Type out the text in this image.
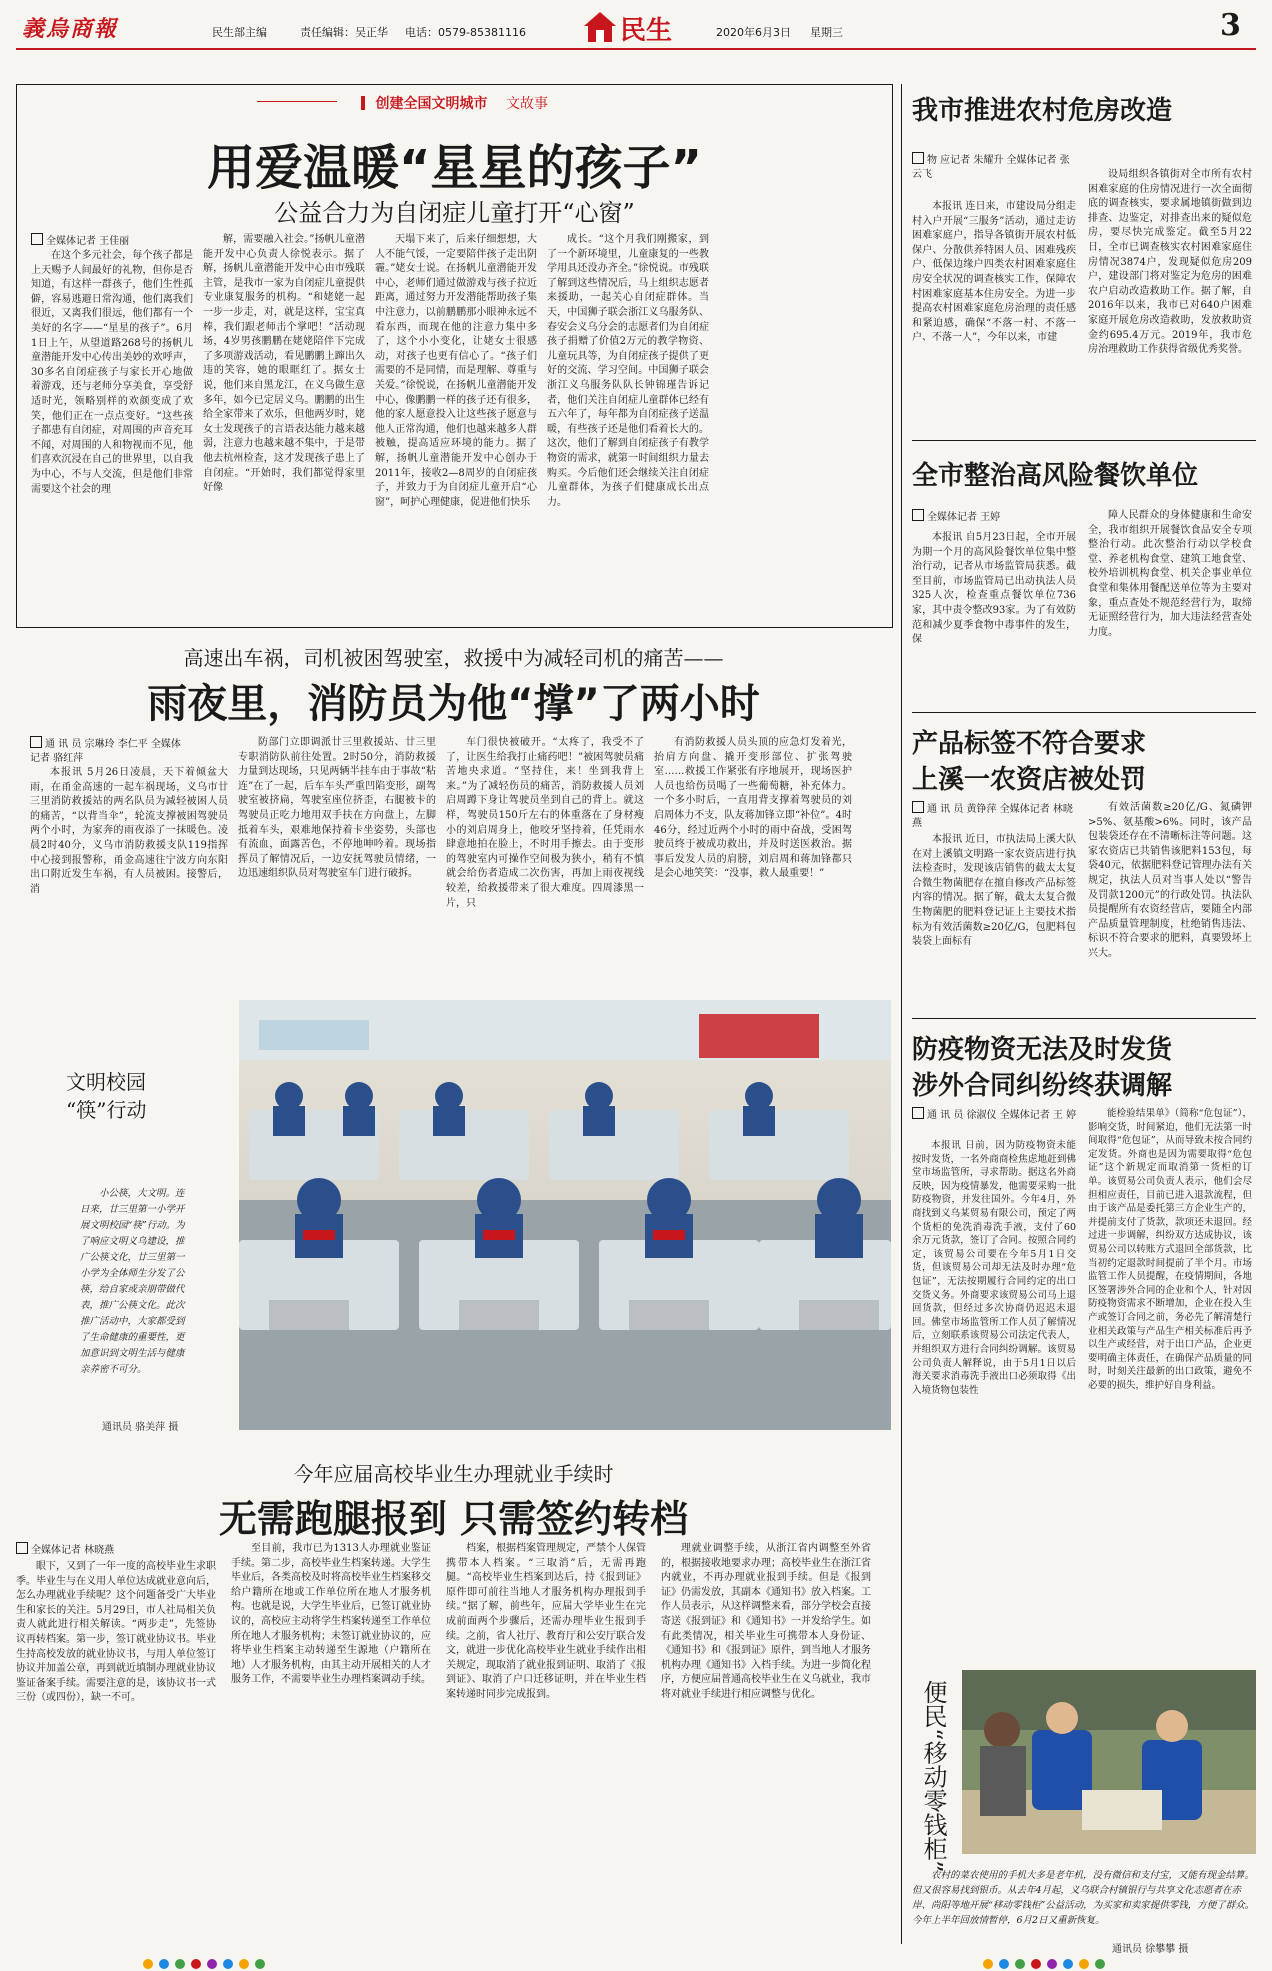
義烏商報	民生部主编	责任编辑：吴正华 电话：0579-85381116	民生	2020年6月3日 星期三	3
创建全国文明城市 文故事
用爱温暖“星星的孩子”
公益合力为自闭症儿童打开“心窗”
全媒体记者 王佳丽

在这个多元社会，每个孩子都是上天赐予人间最好的礼物，但你是否知道，有这样一群孩子，他们生性孤僻，容易逃避日常沟通，他们离我们很近，又离我们很远，他们都有一个美好的名字——“星星的孩子”。6月1日上午，从望道路268号的扬帆儿童潜能开发中心传出美妙的欢呼声，30多名自闭症孩子与家长开心地做着游戏，还与老师分享美食，享受舒适时光，领略别样的欢颜变成了欢笑，他们正在一点点变好。“这些孩子都患有自闭症，对周围的声音充耳不闻，对周围的人和物视而不见，他们喜欢沉浸在自己的世界里，以自我为中心，不与人交流，但是他们非常需要这个社会的理

解，需要融入社会。”扬帆儿童潜能开发中心负责人徐悦表示。据了解，扬帆儿童潜能开发中心由市残联主管，是我市一家为自闭症儿童提供专业康复服务的机构。“和姥姥一起一步一步走，对，就是这样，宝宝真棒，我们跟老师击个掌吧！”活动现场，4岁男孩鹏鹏在姥姥陪伴下完成了多项游戏活动，看见鹏鹏上蹿出久违的笑容，她的眼眶红了。据女士说，他们来自黑龙江，在义乌做生意多年，如今已定居义乌。鹏鹏的出生给全家带来了欢乐，但他两岁时，姥女士发现孩子的言语表达能力越来越弱，注意力也越来越不集中，于是带他去杭州检查，这才发现孩子患上了自闭症。“开始时，我们都觉得家里好像

天塌下来了，后来仔细想想，大人不能气馁，一定要陪伴孩子走出阴霾。”姥女士说。在扬帆儿童潜能开发中心，老师们通过做游戏与孩子拉近距离，通过努力开发潜能帮助孩子集中注意力，以前鹏鹏那小眼神永远不看东西，而现在他的注意力集中多了，这个小小变化，让姥女士很感动，对孩子也更有信心了。“孩子们需要的不是同情，而是理解、尊重与关爱。”徐悦说，在扬帆儿童潜能开发中心，像鹏鹏一样的孩子还有很多，他的家人愿意投入让这些孩子愿意与他人正常沟通，他们也越来越多人群被触，提高适应环境的能力。据了解，扬帆儿童潜能开发中心创办于2011年，接收2—8周岁的自闭症孩子，并致力于为自闭症儿童开启“心窗”，呵护心理健康，促进他们快乐

成长。“这个月我们刚搬家，到了一个新环境里，儿童康复的一些教学用具还没办齐全。”徐悦说。市残联了解到这些情况后，马上组织志愿者来援助，一起关心自闭症群体。当天，中国狮子联会浙江义乌服务队、春安会义乌分会的志愿者们为自闭症孩子捐赠了价值2万元的教学物资、儿童玩具等，为自闭症孩子提供了更好的交流、学习空间。中国狮子联会浙江义乌服务队队长钟锦瑾告诉记者，他们关注自闭症儿童群体已经有五六年了，每年都为自闭症孩子送温暖，有些孩子还是他们看着长大的。这次，他们了解到自闭症孩子有教学物资的需求，就第一时间组织力量去购买。今后他们还会继续关注自闭症儿童群体，为孩子们健康成长出点力。

高速出车祸，司机被困驾驶室，救援中为减轻司机的痛苦——
雨夜里，消防员为他“撑”了两小时
通 讯 员 宗琳玲 李仁平 全媒体记者 骆红萍

本报讯 5月26日凌晨，天下着倾盆大雨，在甬金高速的一起车祸现场，义乌市廿三里消防救援站的两名队员为减轻被困人员的痛苦，“以背当伞”，轮流支撑被困驾驶员两个小时，为家奔的雨夜添了一抹暖色。凌晨2时40分，义乌市消防救援支队119指挥中心接到报警称，甬金高速往宁波方向东阳出口附近发生车祸，有人员被困。接警后，消

防部门立即调派廿三里救援站、廿三里专职消防队前往处置。2时50分，消防救援力量到达现场，只见两辆半挂车由于事故“粘连”在了一起，后车车头严重凹陷变形，副驾驶室被挤扁，驾驶室座位挤歪，右腿被卡的驾驶员正吃力地用双手扶在方向盘上，左脚抵着车头，艰难地保持着卡坐姿势，头部也有流血，面露苦色，不停地呻吟着。现场指挥员了解情况后，一边安抚驾驶员情绪，一边迅速组织队员对驾驶室车门进行破拆。

车门很快被破开。“太疼了，我受不了了，让医生给我打止痛药吧！”被困驾驶员痛苦地央求道。“坚持住，来！坐到我背上来。”为了减轻伤员的痛苦，消防救援人员刘启周蹲下身让驾驶员坐到自己的背上。就这样，驾驶员150斤左右的体重落在了身材瘦小的刘启周身上，他咬牙坚持着，任凭雨水肆意地拍在脸上，不时用手擦去。由于变形的驾驶室内可操作空间极为狭小，稍有不慎就会给伤者造成二次伤害，再加上雨夜视线较差，给救援带来了很大难度。四周漆黑一片，只

有消防救援人员头顶的应急灯发着光，抬肩方向盘、撬开变形部位、扩张驾驶室……救援工作紧张有序地展开，现场医护人员也给伤员喝了一些葡萄糖，补充体力。一个多小时后，一直用背支撑着驾驶员的刘启周体力不支，队友蒋加锋立即“补位”。4时46分，经过近两个小时的雨中奋战，受困驾驶员终于被成功救出，并及时送医救治。据事后发发人员的肩膀，刘启周和蒋加锋都只是会心地笑笑：“没事，救人最重要！”

文明校园
“筷”行动

小公筷，大文明。连日来，廿三里第一小学开展文明校园“筷”行动。为了响应文明义乌建设，推广公筷文化，廿三里第一小学为全体师生分发了公筷，给自家或亲朋带做代表，推广公筷文化。此次推广活动中，大家都受到了生命健康的重要性，更加意识到文明生活与健康亲养密不可分。

通讯员 骆美萍 摄
今年应届高校毕业生办理就业手续时
无需跑腿报到 只需签约转档
全媒体记者 林晓燕

眼下，又到了一年一度的高校毕业生求职季。毕业生与在义用人单位达成就业意向后，怎么办理就业手续呢？这个问题备受广大毕业生和家长的关注。5月29日，市人社局相关负责人就此进行相关解读。“两步走”，先签协议再转档案。第一步，签订就业协议书。毕业生持高校发放的就业协议书，与用人单位签订协议并加盖公章，再到就近填制办理就业协议鉴证备案手续。需要注意的是，该协议书一式三份（或四份），缺一不可。

至目前，我市已为1313人办理就业鉴证手续。第二步，高校毕业生档案转递。大学生毕业后，各类高校及时将高校毕业生档案移交给户籍所在地或工作单位所在地人才服务机构。也就是说，大学生毕业后，已签订就业协议的，高校应主动将学生档案转递至工作单位所在地人才服务机构；未签订就业协议的，应将毕业生档案主动转递至生源地（户籍所在地）人才服务机构，由其主动开展相关的人才服务工作，不需要毕业生办理档案调动手续。

档案，根据档案管理规定，严禁个人保管携带本人档案。“三取消”后，无需再跑腿。“高校毕业生档案到达后，持《报到证》原件即可前往当地人才服务机构办理报到手续。”据了解，前些年，应届大学毕业生在完成前面两个步骤后，还需办理毕业生报到手续。之前，省人社厅、教育厅和公安厅联合发文，就进一步优化高校毕业生就业手续作出相关规定，现取消了就业报到证明、取消了《报到证》、取消了户口迁移证明，并在毕业生档案转递时同步完成报到。

理就业调整手续，从浙江省内调整至外省的，根据接收地要求办理；高校毕业生在浙江省内就业，不再办理就业报到手续。但是《报到证》仍需发放，其副本《通知书》放入档案。工作人员表示，从这样调整来看，部分学校会直接寄送《报到证》和《通知书》一并发给学生。如有此类情况，相关毕业生可携带本人身份证、《通知书》和《报到证》原件，到当地人才服务机构办理《通知书》入档手续。为进一步简化程序，方便应届普通高校毕业生在义乌就业，我市将对就业手续进行相应调整与优化。

我市推进农村危房改造
物 应记者 朱耀升 全媒体记者 张云飞

本报讯 连日来，市建设局分组走村入户开展“三服务”活动，通过走访困难家庭户，指导各镇街开展农村低保户、分散供养特困人员、困难残疾户、低保边缘户四类农村困难家庭住房安全状况的调查核实工作，保障农村困难家庭基本住房安全。为进一步提高农村困难家庭危房治理的责任感和紧迫感，确保“不落一村、不落一户、不落一人”，今年以来，市建

设局组织各镇街对全市所有农村困难家庭的住房情况进行一次全面彻底的调查核实，要求属地镇街做到边排查、边鉴定，对排查出来的疑似危房，要尽快完成鉴定。截至5月22日，全市已调查核实农村困难家庭住房情况3874户，发现疑似危房209户，建设部门将对鉴定为危房的困难农户启动改造救助工作。据了解，自2016年以来，我市已对640户困难家庭开展危房改造救助，发放救助资金约695.4万元。2019年，我市危房治理救助工作获得省级优秀奖誉。

全市整治高风险餐饮单位
全媒体记者 王婷

本报讯 自5月23日起，全市开展为期一个月的高风险餐饮单位集中整治行动，记者从市场监管局获悉。截至目前，市场监管局已出动执法人员325人次，检查重点餐饮单位736家，其中责令整改93家。为了有效防范和减少夏季食物中毒事件的发生，保

障人民群众的身体健康和生命安全，我市组织开展餐饮食品安全专项整治行动。此次整治行动以学校食堂、养老机构食堂、建筑工地食堂、校外培训机构食堂、机关企事业单位食堂和集体用餐配送单位等为主要对象，重点查处不规范经营行为，取缔无证照经营行为，加大违法经营查处力度。

产品标签不符合要求
上溪一农资店被处罚
通 讯 员 黄铮萍 全媒体记者 林晓燕

本报讯 近日，市执法局上溪大队在对上溪镇文明路一家农资店进行执法检查时，发现该店销售的截太太复合微生物菌肥存在擅自修改产品标签内容的情况。据了解，截太太复合微生物菌肥的肥料登记证上主要技术指标为有效活菌数≥20亿/G，包肥料包装袋上面标有

有效活菌数≥20亿/G、氮磷钾>5%、氨基酸>6%。同时，该产品包装袋还存在不清晰标注等问题。这家农资店已共销售该肥料153包，每袋40元，依据肥料登记管理办法有关规定，执法人员对当事人处以“警告及罚款1200元”的行政处罚。执法队员提醒所有农资经营店，要随全内部产品质量管理制度，杜绝销售违法、标识不符合要求的肥料，真要毁坏上兴大。

防疫物资无法及时发货
涉外合同纠纷终获调解
通 讯 员 徐淑仪 全媒体记者 王 婷

本报讯 日前，因为防疫物资未能按时发货，一名外商商检焦虑地赶到佛堂市场监管所，寻求帮助。据这名外商反映，因为疫情暴发，他需要采购一批防疫物资，并发往国外。今年4月，外商找到义乌某贸易有限公司，预定了两个货柜的免洗消毒洗手液，支付了60余万元货款，签订了合同。按照合同约定，该贸易公司要在今年5月1日交货，但该贸易公司却无法及时办理“危包证”，无法按期履行合同约定的出口交货义务。外商要求该贸易公司马上退回货款，但经过多次协商仍迟迟未退回。佛堂市场监管所工作人员了解情况后，立刻联系该贸易公司法定代表人，并组织双方进行合同纠纷调解。该贸易公司负责人解释说，由于5月1日以后海关要求消毒洗手液出口必须取得《出入境货物包装性

能检验结果单》（简称“危包证”），影响交货，时间紧迫，他们无法第一时间取得“危包证”，从而导致未按合同约定发货。外商也是因为需要取得“危包证”这个新规定而取消第一货柜的订单。该贸易公司负责人表示，他们会尽担相应责任，目前已进入退款流程，但由于该产品是委托第三方企业生产的，并提前支付了货款，款项还未退回。经过进一步调解，纠纷双方达成协议，该贸易公司以转账方式退回全部货款，比当初约定退款时间提前了半个月。市场监管工作人员提醒，在疫情期间，各地区签署涉外合同的企业和个人，针对因防疫物资需求不断增加，企业在投入生产或签订合同之前，务必先了解清楚行业相关政策与产品生产相关标准后再予以生产或经营，对于出口产品，企业更要明确主体责任，在确保产品质量的同时，时刻关注最新的出口政策，避免不必要的损失，维护好自身利益。

便民“移动零钱柜”

农村的菜农使用的手机大多是老年机，没有微信和支付宝，又能有现金结算。但又很容易找到银币。从去年4月起，义乌联合村镇银行与共享文化志愿者在赤岸、尚阳等地开展“移动零钱柜”公益活动，为买家和卖家提供零钱，方便了群众。今年上半年回放情暂停，6月2日又重新恢复。

通讯员 徐攀攀 摄
